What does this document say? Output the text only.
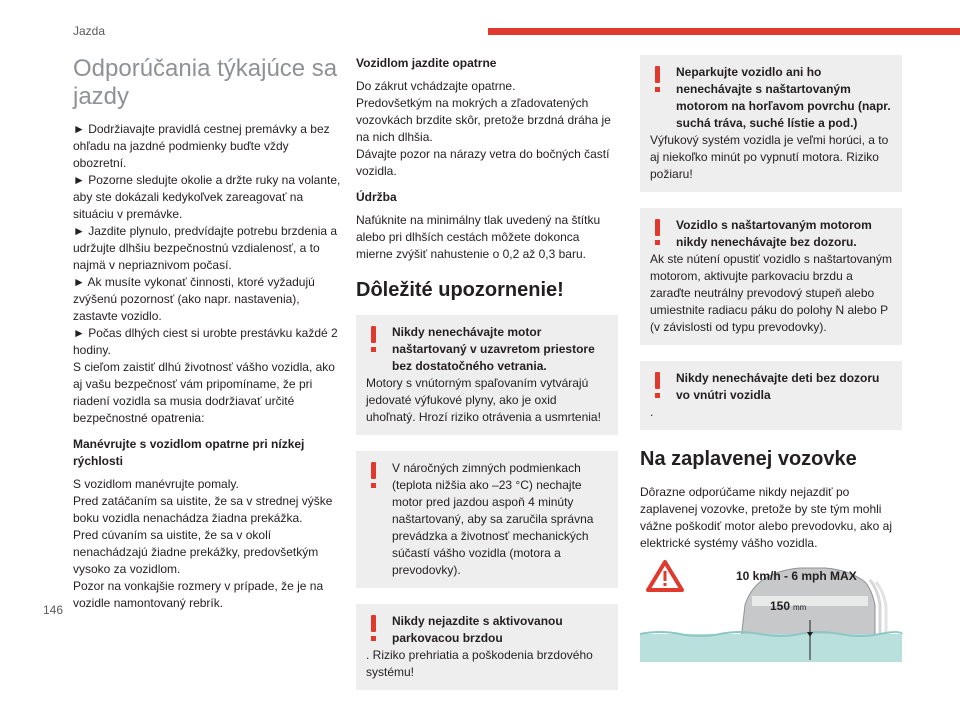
Jazda
Odporúčania týkajúce sa jazdy

► Dodržiavajte pravidlá cestnej premávky a bez ohľadu na jazdné podmienky buďte vždy obozretní.

► Pozorne sledujte okolie a držte ruky na volante, aby ste dokázali kedykoľvek zareagovať na situáciu v premávke.

► Jazdite plynulo, predvídajte potrebu brzdenia a udržujte dlhšiu bezpečnostnú vzdialenosť, a to najmä v nepriaznivom počasí.

► Ak musíte vykonať činnosti, ktoré vyžadujú zvýšenú pozornosť (ako napr. nastavenia), zastavte vozidlo.

► Počas dlhých ciest si urobte prestávku každé 2 hodiny.

S cieľom zaistiť dlhú životnosť vášho vozidla, ako aj vašu bezpečnosť vám pripomíname, že pri riadení vozidla sa musia dodržiavať určité bezpečnostné opatrenia:

Manévrujte s vozidlom opatrne pri nízkej rýchlosti

S vozidlom manévrujte pomaly.

Pred zatáčaním sa uistite, že sa v strednej výške boku vozidla nenachádza žiadna prekážka.

Pred cúvaním sa uistite, že sa v okolí nenachádzajú žiadne prekážky, predovšetkým vysoko za vozidlom.

Pozor na vonkajšie rozmery v prípade, že je na vozidle namontovaný rebrík.

Vozidlom jazdite opatrne

Do zákrut vchádzajte opatrne.

Predovšetkým na mokrých a zľadovatených vozovkách brzdite skôr, pretože brzdná dráha je na nich dlhšia.

Dávajte pozor na nárazy vetra do bočných častí vozidla.

Údržba

Nafúknite na minimálny tlak uvedený na štítku alebo pri dlhších cestách môžete dokonca mierne zvýšiť nahustenie o 0,2 až 0,3 baru.

Dôležité upozornenie!
Nikdy nenechávajte motor naštartovaný v uzavretom priestore bez dostatočného vetrania.
Motory s vnútorným spaľovaním vytvárajú jedovaté výfukové plyny, ako je oxid uhoľnatý. Hrozí riziko otrávenia a usmrtenia!
V náročných zimných podmienkach (teplota nižšia ako –23 °C) nechajte motor pred jazdou aspoň 4 minúty naštartovaný, aby sa zaručila správna prevádzka a životnosť mechanických súčastí vášho vozidla (motora a prevodovky).
Nikdy nejazdite s aktivovanou parkovacou brzdou
. Riziko prehriatia a poškodenia brzdového systému!
Neparkujte vozidlo ani ho nenechávajte s naštartovaným motorom na horľavom povrchu (napr. suchá tráva, suché lístie a pod.)
Výfukový systém vozidla je veľmi horúci, a to aj niekoľko minút po vypnutí motora. Riziko požiaru!
Vozidlo s naštartovaným motorom nikdy nenechávajte bez dozoru.
Ak ste nútení opustiť vozidlo s naštartovaným motorom, aktivujte parkovaciu brzdu a zaraďte neutrálny prevodový stupeň alebo umiestnite radiacu páku do polohy N alebo P (v závislosti od typu prevodovky).
Nikdy nenechávajte deti bez dozoru vo vnútri vozidla
.
Na zaplavenej vozovke

Dôrazne odporúčame nikdy nejazdiť po zaplavenej vozovke, pretože by ste tým mohli vážne poškodiť motor alebo prevodovku, ako aj elektrické systémy vášho vozidla.

10 km/h - 6 mph MAX
150 mm
146
